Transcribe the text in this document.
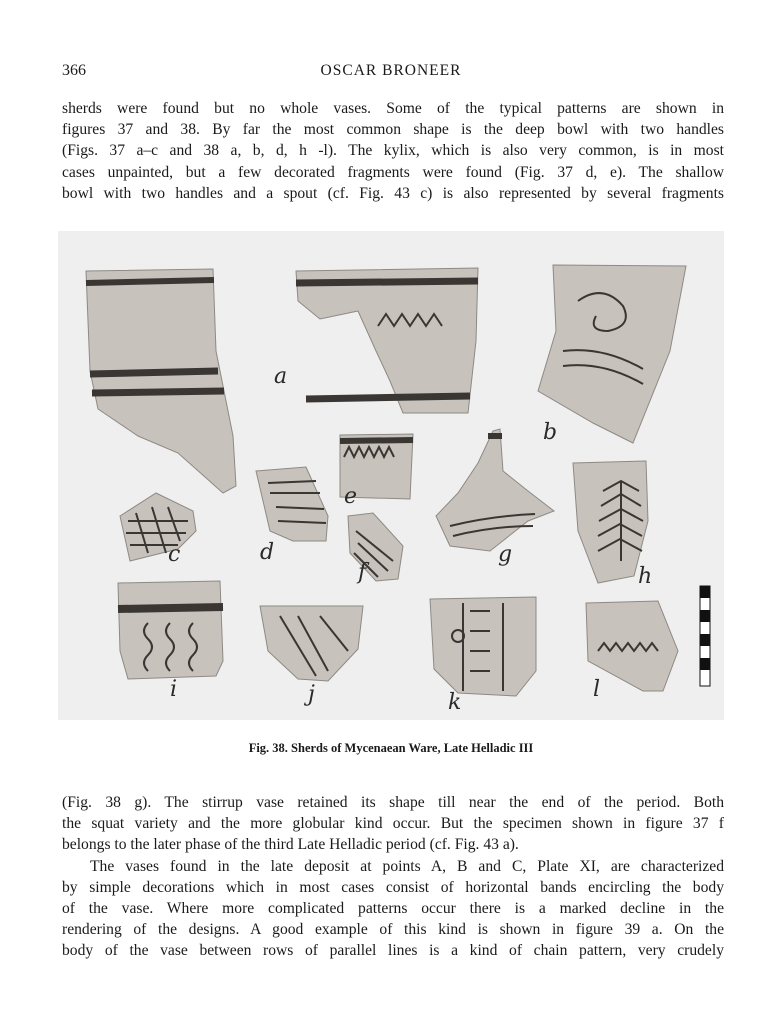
366	OSCAR BRONEER
sherds were found but no whole vases. Some of the typical patterns are shown in
figures 37 and 38. By far the most common shape is the deep bowl with two handles
(Figs. 37 a–c and 38 a, b, d, h -l). The kylix, which is also very common, is in most
cases unpainted, but a few decorated fragments were found (Fig. 37 d, e). The shallow
bowl with two handles and a spout (cf. Fig. 43 c) is also represented by several fragments
a
b
c	d
e
f
g
h
i	j	k
l
Fig. 38. Sherds of Mycenaean Ware, Late Helladic III
(Fig. 38 g). The stirrup vase retained its shape till near the end of the period. Both
the squat variety and the more globular kind occur. But the specimen shown in figure 37 f
belongs to the later phase of the third Late Helladic period (cf. Fig. 43 a).
The vases found in the late deposit at points A, B and C, Plate XI, are characterized
by simple decorations which in most cases consist of horizontal bands encircling the body
of the vase. Where more complicated patterns occur there is a marked decline in the
rendering of the designs. A good example of this kind is shown in figure 39 a. On the
body of the vase between rows of parallel lines is a kind of chain pattern, very crudely
